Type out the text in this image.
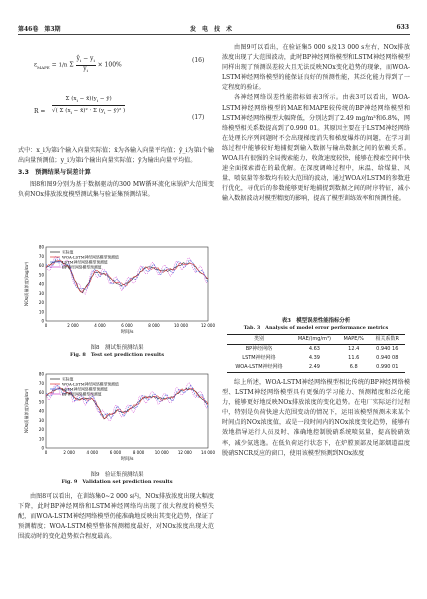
第46卷　第3期	发　电　技　术	633
$\varepsilon_{MAPE} = 1/n$ Σ $\frac{ŷ_i - y_i}{y_i} \times 100\%$
(16)
$R = \frac{\Sigma (x_i - x̄)(y_i - ȳ)}{√( \Sigma (x_i - x̄)^2 \cdot \Sigma (y_i - ȳ)^2 )}$
(17)

式中：x_i为第i个输入向量实际值；x̄为各输入向量平均值；ŷ_i为第i个输出向量预测值；y_i为第i个输出向量实际值；ȳ为输出向量平均值。

3.3　预测结果与误差计算

图8和图9分别为基于数据驱动的300 MW循环流化床锅炉大范围变负荷NOx排放浓度模型测试集与验证集预测结果。

0
10
20
30
40
50
60
70
80
0	2 000	4 000	6 000	8 000	10 000	12 000
时间/s
NOx质量浓度/(mg/m³)
实际值
WOA-LSTM神经网络模型预测值
LSTM神经网络模型预测值
BP神经网络模型预测值
图8　测试集预测结果
Fig. 8　Test set prediction results
0
10
20
30
40
50
60
70
80
0	2 000	4 000	6 000	8 000	10 000 12 000 14 000
时间/s
NOx质量浓度/(mg/m³)
实际值
WOA-LSTM神经网络模型预测值
LSTM神经网络模型预测值
BP神经网络模型预测值
图9　验证集预测结果
Fig. 9　Validation set prediction results

由图8可以看出，在训练集0~2 000 s内，NOx排放浓度出现大幅度下降，此时BP神经网络和LSTM神经网络均出现了很大程度的模型失配，而WOA-LSTM神经网络模型仍能准确地反映出其变化趋势，保证了预测精度；WOA-LSTM模型整体预测精度最好，对NOx浓度出现大范围波动时的变化趋势拟合程度最高。

由图9可以看出，在验证集5 000 s及13 000 s左右，NOx排放浓度出现了大范围波动，此时BP神经网络模型和LSTM神经网络模型同样出现了预测误差较大且无法反映NOx变化趋势的现象，而WOA-LSTM神经网络模型的能保证良好的预测性能，其泛化能力得到了一定程度的验证。

各神经网络误差性能指标如表3所示。由表3可以看出，WOA-LSTM神经网络模型的MAE和MAPE较传统的BP神经网络模型和LSTM神经网络模型大幅降低，分别达到了2.49 mg/m³和6.8%，网络模型相关系数提高到了0.990 01。其原因主要在于LSTM神经网络在处理长序列问题时不会出现梯度消失和梯度爆炸的问题，在学习训练过程中能够较好地捕捉到输入数据与输出数据之间的依赖关系。WOA具有很强的全局搜索能力，收敛速度较快，能够在搜索空间中快速全面探索潜在的最优解。在深度调峰过程中，床温、给煤量、风量、喷氨量等参数均有较大范围的波动，通过WOA对LSTM的参数进行优化，寻优后的参数能够更好地捕捉到数据之间的时序特征，减小输入数据波动对模型精度的影响，提高了模型训练效率和预测性能。

表3　模型误差性能指标分析
Tab. 3　Analysis of model error performance metrics
类别	MAE/(mg/m³)	MAPE/%	相关系数R
BP神经网络	4.63	12.4	0.940 16
LSTM神经网络	4.39	11.6	0.940 08
WOA-LSTM神经网络	2.49	6.8	0.990 01

综上所述，WOA-LSTM神经网络模型相比传统的BP神经网络模型、LSTM神经网络模型具有更强的学习能力、预测精度和泛化能力，能够更好地反映NOx排放浓度的变化趋势。在电厂实际运行过程中，特别是负荷快速大范围变动的情况下，运用该模型预测未来某个时间点的NOx浓度值，或是一段时间内的NOx浓度变化趋势，能够有效地指导运行人员及时、准确地控制脱硝系统喷氨量，提高脱硝效率，减少氨逃逸。在低负荷运行状态下，在炉膛顶部及尾部烟道温度脱硝SNCR反应的窗口，使用该模型预测到NOx浓度
